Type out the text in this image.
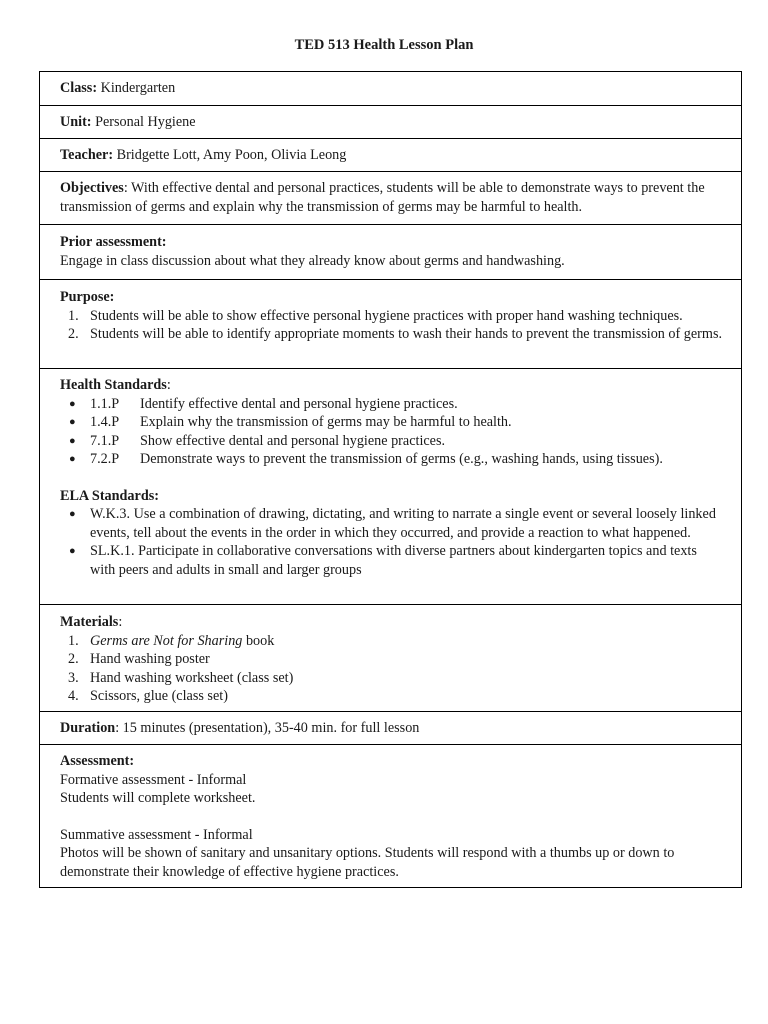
TED 513 Health Lesson Plan
Class: Kindergarten
Unit: Personal Hygiene
Teacher: Bridgette Lott, Amy Poon, Olivia Leong
Objectives: With effective dental and personal practices, students will be able to demonstrate ways to prevent the transmission of germs and explain why the transmission of germs may be harmful to health.
Prior assessment:
Engage in class discussion about what they already know about germs and handwashing.
Purpose:
1. Students will be able to show effective personal hygiene practices with proper hand washing techniques.
2. Students will be able to identify appropriate moments to wash their hands to prevent the transmission of germs.
Health Standards:
● 1.1.P Identify effective dental and personal hygiene practices.
● 1.4.P Explain why the transmission of germs may be harmful to health.
● 7.1.P Show effective dental and personal hygiene practices.
● 7.2.P Demonstrate ways to prevent the transmission of germs (e.g., washing hands, using tissues).
ELA Standards:
● W.K.3. Use a combination of drawing, dictating, and writing to narrate a single event or several loosely linked events, tell about the events in the order in which they occurred, and provide a reaction to what happened.
● SL.K.1. Participate in collaborative conversations with diverse partners about kindergarten topics and texts with peers and adults in small and larger groups
Materials:
1. Germs are Not for Sharing book
2. Hand washing poster
3. Hand washing worksheet (class set)
4. Scissors, glue (class set)
Duration: 15 minutes (presentation), 35-40 min. for full lesson
Assessment:
Formative assessment - Informal
Students will complete worksheet.
Summative assessment - Informal
Photos will be shown of sanitary and unsanitary options. Students will respond with a thumbs up or down to demonstrate their knowledge of effective hygiene practices.
